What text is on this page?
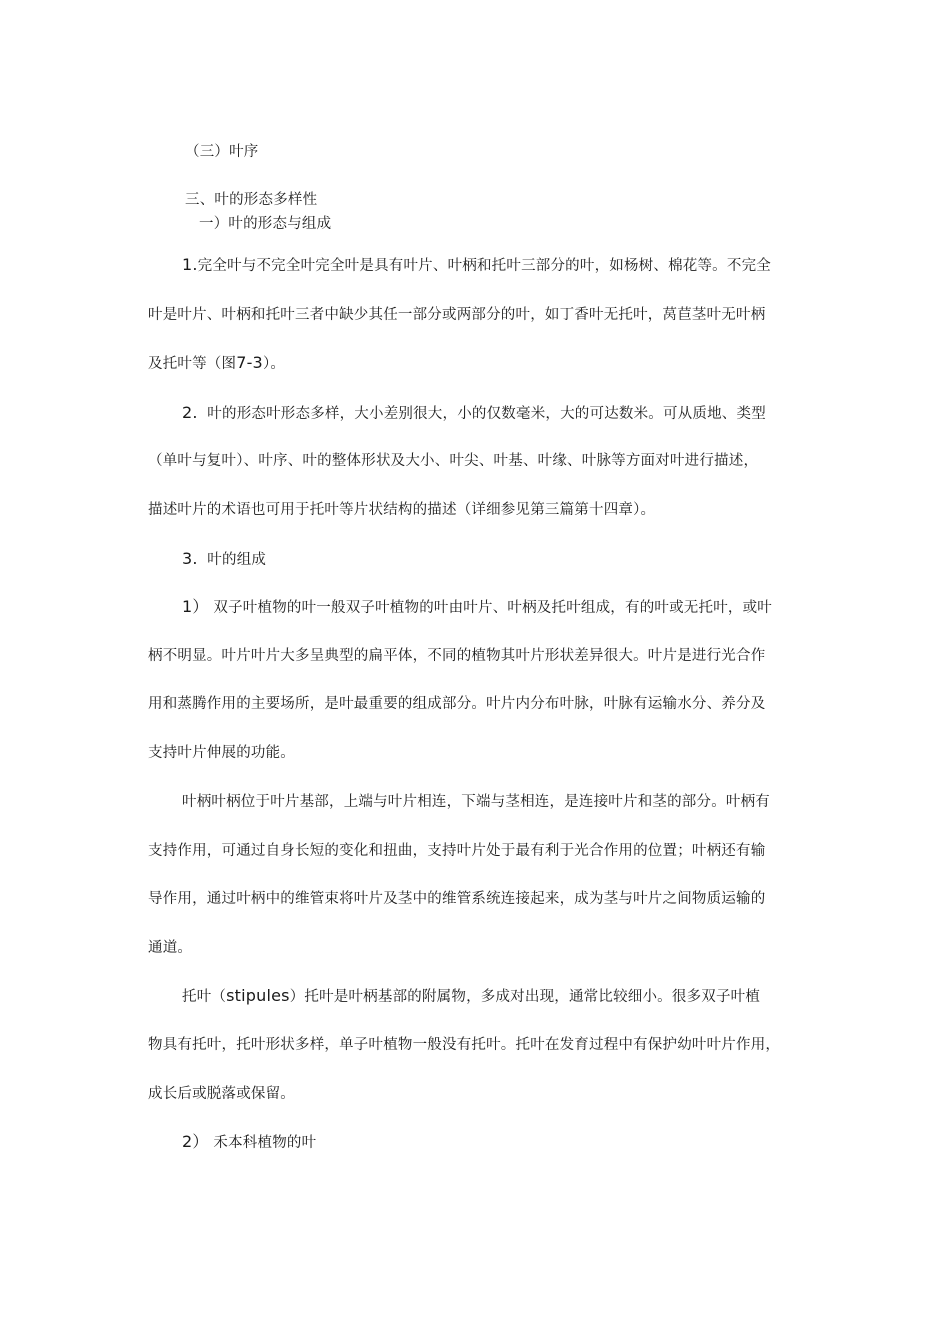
（三）叶序
三、叶的形态多样性
一）叶的形态与组成
1.完全叶与不完全叶完全叶是具有叶片、叶柄和托叶三部分的叶，如杨树、棉花等。不完全
叶是叶片、叶柄和托叶三者中缺少其任一部分或两部分的叶，如丁香叶无托叶，莴苣茎叶无叶柄
及托叶等（图7-3）。
2. 叶的形态叶形态多样，大小差别很大，小的仅数毫米，大的可达数米。可从质地、类型
（单叶与复叶）、叶序、叶的整体形状及大小、叶尖、叶基、叶缘、叶脉等方面对叶进行描述，
描述叶片的术语也可用于托叶等片状结构的描述（详细参见第三篇第十四章）。
3. 叶的组成
1） 双子叶植物的叶一般双子叶植物的叶由叶片、叶柄及托叶组成，有的叶或无托叶，或叶
柄不明显。叶片叶片大多呈典型的扁平体，不同的植物其叶片形状差异很大。叶片是进行光合作
用和蒸腾作用的主要场所，是叶最重要的组成部分。叶片内分布叶脉，叶脉有运输水分、养分及
支持叶片伸展的功能。
叶柄叶柄位于叶片基部，上端与叶片相连，下端与茎相连，是连接叶片和茎的部分。叶柄有
支持作用，可通过自身长短的变化和扭曲，支持叶片处于最有利于光合作用的位置；叶柄还有输
导作用，通过叶柄中的维管束将叶片及茎中的维管系统连接起来，成为茎与叶片之间物质运输的
通道。
托叶（stipules）托叶是叶柄基部的附属物，多成对出现，通常比较细小。很多双子叶植
物具有托叶，托叶形状多样，单子叶植物一般没有托叶。托叶在发育过程中有保护幼叶叶片作用，
成长后或脱落或保留。
2） 禾本科植物的叶
